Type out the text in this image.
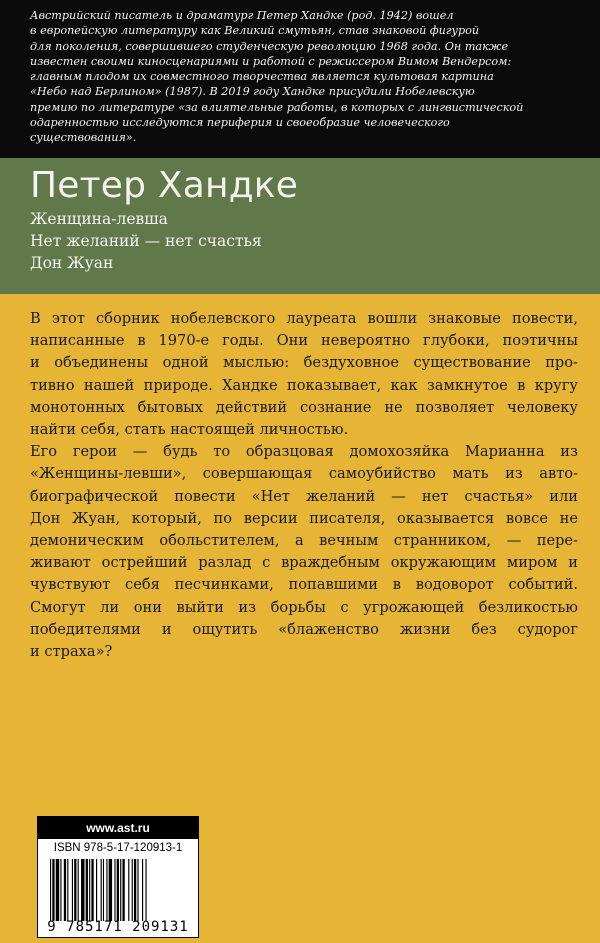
Австрийский писатель и драматург Петер Хандке (род. 1942) вошел
в европейскую литературу как Великий смутьян, став знаковой фигурой
для поколения, совершившего студенческую революцию 1968 года. Он также
известен своими киносценариями и работой с режиссером Вимом Вендерсом:
главным плодом их совместного творчества является культовая картина
«Небо над Берлином» (1987). В 2019 году Хандке присудили Нобелевскую
премию по литературе «за влиятельные работы, в которых с лингвистической
одаренностью исследуются периферия и своеобразие человеческого
существования».
Петер Хандке
Женщина-левша
Нет желаний — нет счастья
Дон Жуан
В этот сборник нобелевского лауреата вошли знаковые повести,
написанные в 1970-е годы. Они невероятно глубоки, поэтичны
и объединены одной мыслью: бездуховное существование про-
тивно нашей природе. Хандке показывает, как замкнутое в кругу
монотонных бытовых действий сознание не позволяет человеку
найти себя, стать настоящей личностью.
Его герои — будь то образцовая домохозяйка Марианна из
«Женщины-левши», совершающая самоубийство мать из авто-
биографической повести «Нет желаний — нет счастья» или
Дон Жуан, который, по версии писателя, оказывается вовсе не
демоническим обольстителем, а вечным странником, — пере-
живают острейший разлад с враждебным окружающим миром и
чувствуют себя песчинками, попавшими в водоворот событий.
Смогут ли они выйти из борьбы с угрожающей безликостью
победителями и ощутить «блаженство жизни без судорог
и страха»?
www.ast.ru
ISBN 978-5-17-120913-1
9 785171 209131
